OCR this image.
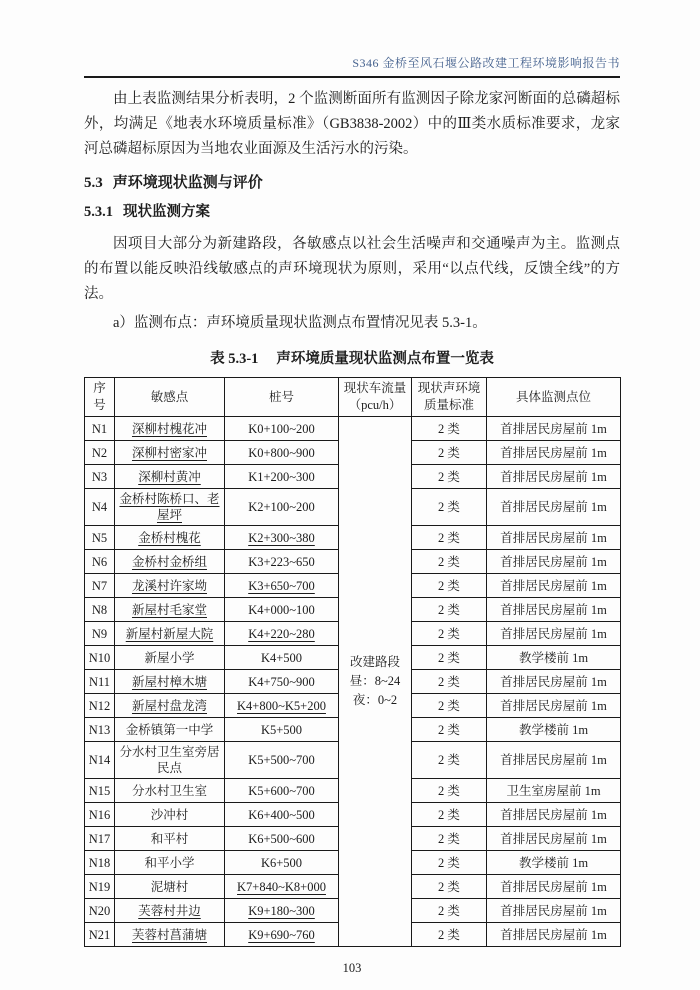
S346 金桥至风石堰公路改建工程环境影响报告书

由上表监测结果分析表明，2 个监测断面所有监测因子除龙家河断面的总磷超标外，均满足《地表水环境质量标准》（GB3838-2002）中的Ⅲ类水质标准要求，龙家河总磷超标原因为当地农业面源及生活污水的污染。

5.3 声环境现状监测与评价
5.3.1 现状监测方案

因项目大部分为新建路段，各敏感点以社会生活噪声和交通噪声为主。监测点的布置以能反映沿线敏感点的声环境现状为原则，采用“以点代线，反馈全线”的方法。

a）监测布点：声环境质量现状监测点布置情况见表 5.3-1。

表 5.3-1 声环境质量现状监测点布置一览表
序号	敏感点	桩号	现状车流量（pcu/h）	现状声环境质量标准	具体监测点位
N1	深柳村槐花冲	K0+100~200	改建路段
昼：8~24
夜：0~2	2 类	首排居民房屋前 1m
N2	深柳村密家冲	K0+800~900		2 类	首排居民房屋前 1m
N3	深柳村黄冲	K1+200~300		2 类	首排居民房屋前 1m
N4	金桥村陈桥口、老屋坪	K2+100~200		2 类	首排居民房屋前 1m
N5	金桥村槐花	K2+300~380		2 类	首排居民房屋前 1m
N6	金桥村金桥组	K3+223~650		2 类	首排居民房屋前 1m
N7	龙溪村许家坳	K3+650~700		2 类	首排居民房屋前 1m
N8	新屋村毛家堂	K4+000~100		2 类	首排居民房屋前 1m
N9	新屋村新屋大院	K4+220~280		2 类	首排居民房屋前 1m
N10	新屋小学	K4+500		2 类	教学楼前 1m
N11	新屋村樟木塘	K4+750~900		2 类	首排居民房屋前 1m
N12	新屋村盘龙湾	K4+800~K5+200		2 类	首排居民房屋前 1m
N13	金桥镇第一中学	K5+500		2 类	教学楼前 1m
N14	分水村卫生室旁居民点	K5+500~700		2 类	首排居民房屋前 1m
N15	分水村卫生室	K5+600~700		2 类	卫生室房屋前 1m
N16	沙冲村	K6+400~500		2 类	首排居民房屋前 1m
N17	和平村	K6+500~600		2 类	首排居民房屋前 1m
N18	和平小学	K6+500		2 类	教学楼前 1m
N19	泥塘村	K7+840~K8+000		2 类	首排居民房屋前 1m
N20	芙蓉村井边	K9+180~300		2 类	首排居民房屋前 1m
N21	芙蓉村菖蒲塘	K9+690~760		2 类	首排居民房屋前 1m
103
